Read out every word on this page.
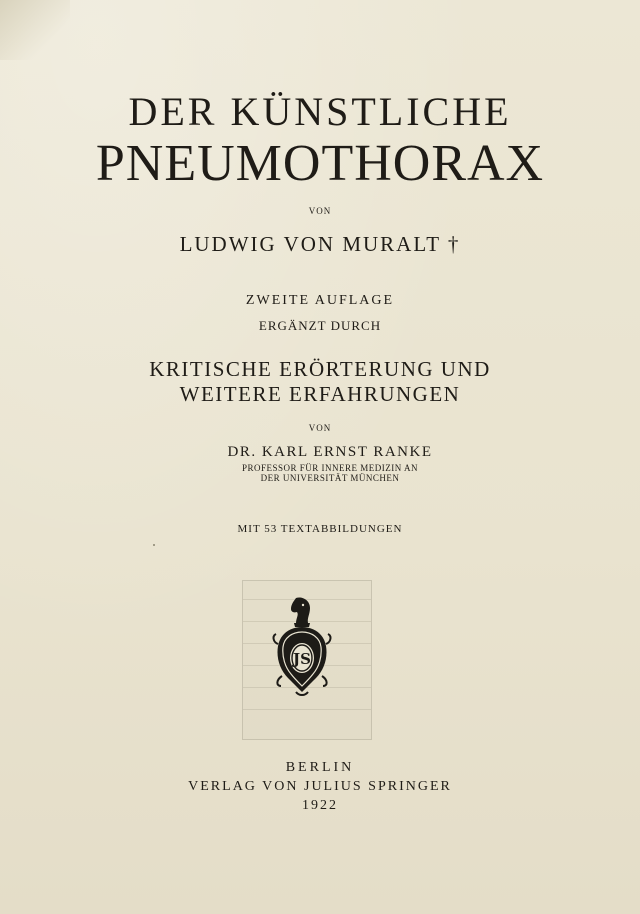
DER KÜNSTLICHE
PNEUMOTHORAX
VON
LUDWIG VON MURALT †
ZWEITE AUFLAGE
ERGÄNZT DURCH
KRITISCHE ERÖRTERUNG UND
WEITERE ERFAHRUNGEN
VON
DR. KARL ERNST RANKE
PROFESSOR FÜR INNERE MEDIZIN AN
DER UNIVERSITÄT MÜNCHEN
MIT 53 TEXTABBILDUNGEN
JS
BERLIN
VERLAG VON JULIUS SPRINGER
1922
